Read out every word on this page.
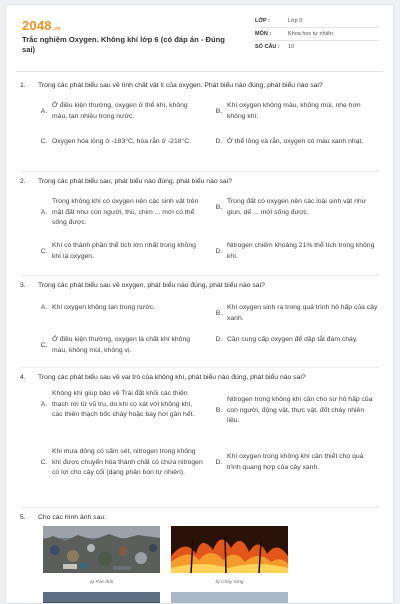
2048.vn
Trắc nghiệm Oxygen. Không khí lớp 6 (có đáp án - Đúng sai)
LỚP :	Lớp 6
MÔN :	Khoa học tự nhiên
SỐ CÂU :	10
1.	Trong các phát biểu sau về tính chất vật lí của oxygen. Phát biểu nào đúng, phát biểu nào sai?
A.
Ở điều kiện thường, oxygen ở thể khí, không màu, tan nhiều trong nước.
B.
Khí oxygen không màu, không mùi, nhẹ hơn không khí.
C. Oxygen hóa lỏng ở -183°C, hóa rắn ở -218°C.	D. Ở thể lỏng và rắn, oxygen có màu xanh nhạt.
2.	Trong các phát biểu sau, phát biểu nào đúng, phát biểu nào sai?
A.
Trong không khí có oxygen nên các sinh vật trên mặt đất như con người, thú, chim ... mới có thể sống được.
B.
Trong đất có oxygen nên các loài sinh vật như giun, dế ... mới sống được.
C.
Khí có thành phần thể tích lớn nhất trong không khí là oxygen.
D.
Nitrogen chiếm khoảng 21% thể tích trong không khí.
3.	Trong các phát biểu sau về oxygen, phát biểu nào đúng, phát biểu nào sai?
A. Khí oxygen không tan trong nước.
B.
Khí oxygen sinh ra trong quá trình hô hấp của cây xanh.
C.
Ở điều kiện thường, oxygen là chất khí không màu, không mùi, không vị.
D. Cần cung cấp oxygen để dập tắt đám cháy.
4.	Trong các phát biểu sau về vai trò của không khí, phát biểu nào đúng, phát biểu nào sai?
A.
Không khí giúp bảo vệ Trái đất khỏi các thiên thạch rơi từ vũ trụ, do khi cọ xát với không khí, các thiên thạch bốc cháy hoặc bay hơi gần hết.
B.
Nitrogen trong không khí cần cho sự hô hấp của con người, động vật, thực vật, đốt cháy nhiên liệu.
C.
Khi mưa dông có sấm sét, nitrogen trong không khí được chuyển hóa thành chất có chứa nitrogen có lợi cho cây cối (dạng phân bón tự nhiên).
D.
Khí oxygen trong không khí cần thiết cho quá trình quang hợp của cây xanh.
5.	Cho các hình ảnh sau:
a) Rác thải	b) Cháy rừng
